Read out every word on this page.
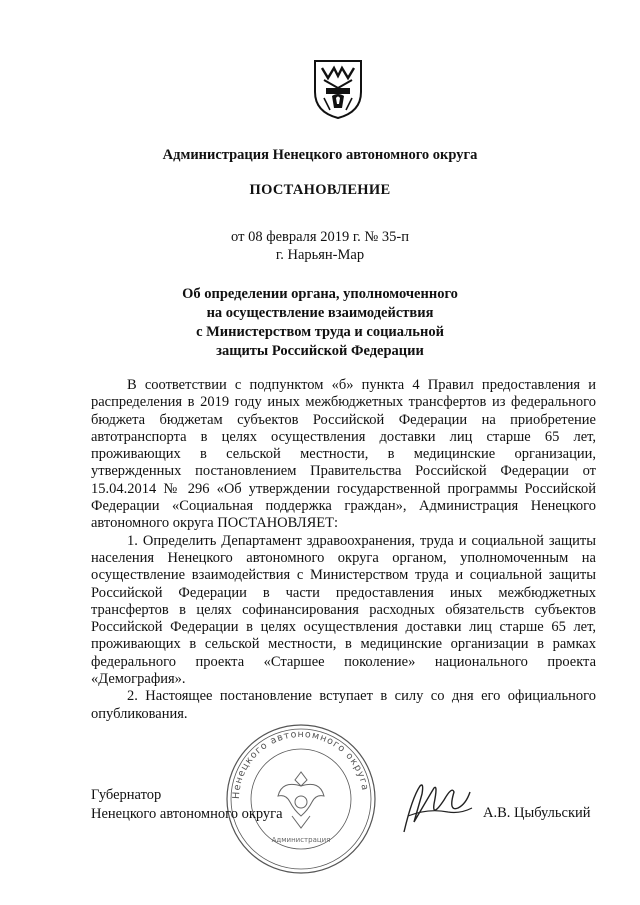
Администрация Ненецкого автономного округа
ПОСТАНОВЛЕНИЕ
от 08 февраля 2019 г. № 35-п
г. Нарьян-Мар
Об определении органа, уполномоченного
на осуществление взаимодействия
с Министерством труда и социальной
защиты Российской Федерации

В соответствии с подпунктом «б» пункта 4 Правил предоставления и распределения в 2019 году иных межбюджетных трансфертов из федерального бюджета бюджетам субъектов Российской Федерации на приобретение автотранспорта в целях осуществления доставки лиц старше 65 лет, проживающих в сельской местности, в медицинские организации, утвержденных постановлением Правительства Российской Федерации от 15.04.2014 № 296 «Об утверждении государственной программы Российской Федерации «Социальная поддержка граждан», Администрация Ненецкого автономного округа ПОСТАНОВЛЯЕТ:

1. Определить Департамент здравоохранения, труда и социальной защиты населения Ненецкого автономного округа органом, уполномоченным на осуществление взаимодействия с Министерством труда и социальной защиты Российской Федерации в части предоставления иных межбюджетных трансфертов в целях софинансирования расходных обязательств субъектов Российской Федерации в целях осуществления доставки лиц старше 65 лет, проживающих в сельской местности, в медицинские организации в рамках федерального проекта «Старшее поколение» национального проекта «Демография».

2. Настоящее постановление вступает в силу со дня его официального опубликования.

Ненецкого автономного округа
Администрация
Губернатор
Ненецкого автономного округа	А.В. Цыбульский
